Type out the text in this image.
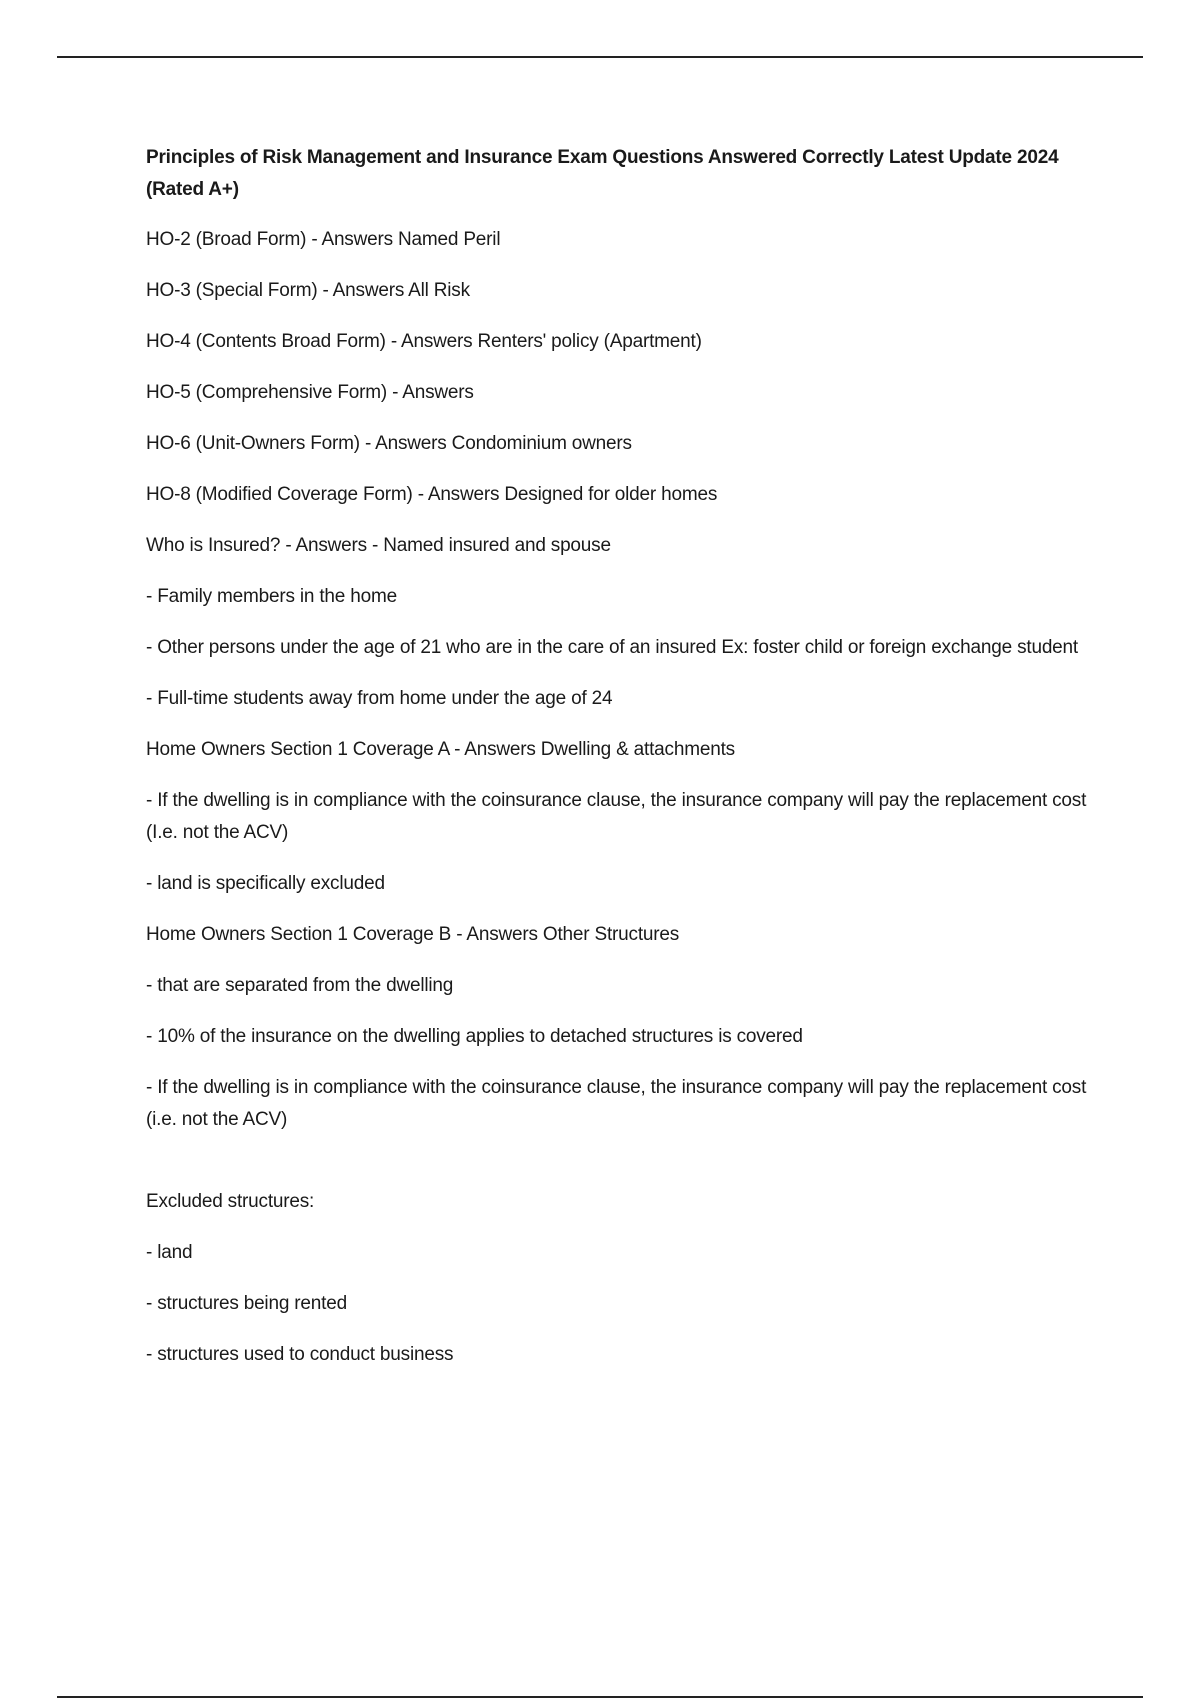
Principles of Risk Management and Insurance Exam Questions Answered Correctly Latest Update 2024 (Rated A+)
HO-2 (Broad Form) - Answers Named Peril
HO-3 (Special Form) - Answers All Risk
HO-4 (Contents Broad Form) - Answers Renters' policy (Apartment)
HO-5 (Comprehensive Form) - Answers
HO-6 (Unit-Owners Form) - Answers Condominium owners
HO-8 (Modified Coverage Form) - Answers Designed for older homes
Who is Insured? - Answers - Named insured and spouse
- Family members in the home
- Other persons under the age of 21 who are in the care of an insured Ex: foster child or foreign exchange student
- Full-time students away from home under the age of 24
Home Owners Section 1 Coverage A - Answers Dwelling & attachments
- If the dwelling is in compliance with the coinsurance clause, the insurance company will pay the replacement cost (I.e. not the ACV)
- land is specifically excluded
Home Owners Section 1 Coverage B - Answers Other Structures
- that are separated from the dwelling
- 10% of the insurance on the dwelling applies to detached structures is covered
- If the dwelling is in compliance with the coinsurance clause, the insurance company will pay the replacement cost (i.e. not the ACV)
Excluded structures:
- land
- structures being rented
- structures used to conduct business
